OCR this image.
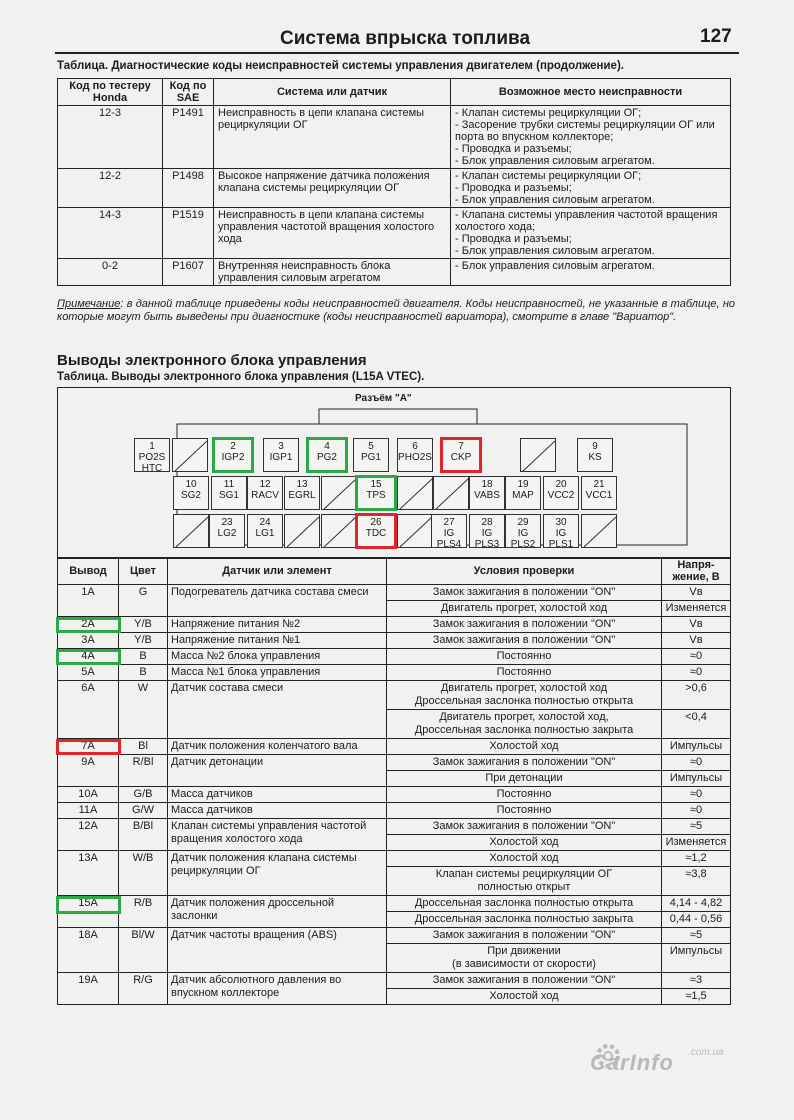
Система впрыска топлива	127
Таблица. Диагностические коды неисправностей системы управления двигателем (продолжение).
Код по тестеру Honda	Код по SAE	Система или датчик	Возможное место неисправности
12-3	P1491	Неисправность в цепи клапана системы рециркуляции ОГ	- Клапан системы рециркуляции ОГ;
- Засорение трубки системы рециркуляции ОГ или порта во впускном коллекторе;
- Проводка и разъемы;
- Блок управления силовым агрегатом.
12-2	P1498	Высокое напряжение датчика положения клапана системы рециркуляции ОГ	- Клапан системы рециркуляции ОГ;
- Проводка и разъемы;
- Блок управления силовым агрегатом.
14-3	P1519	Неисправность в цепи клапана системы управления частотой вращения холостого хода	- Клапана системы управления частотой вращения холостого хода;
- Проводка и разъемы;
- Блок управления силовым агрегатом.
0-2	P1607	Внутренняя неисправность блока управления силовым агрегатом	- Блок управления силовым агрегатом.
Примечание: в данной таблице приведены коды неисправностей двигателя. Коды неисправностей, не указанные в таблице, но которые могут быть выведены при диагностике (коды неисправностей вариатора), смотрите в главе "Вариатор".
Выводы электронного блока управления
Таблица. Выводы электронного блока управления (L15A VTEC).
Разъём "А"
1
PO2S
HTC
2
IGP2
3
IGP1
4
PG2
5
PG1
6
PHO2S
7
CKP
9
KS
10
SG2
11
SG1
12
RACV
13
EGRL
15
TPS
18
VABS
19
MAP
20
VCC2
21
VCC1
23
LG2
24
LG1
26
TDC
27
IG
PLS4
28
IG
PLS3
29
IG
PLS2
30
IG
PLS1
Вывод	Цвет	Датчик или элемент	Условия проверки	Напря-жение, В
1A	G	Подогреватель датчика состава смеси	Замок зажигания в положении "ON"	Vв
			Двигатель прогрет, холостой ход	Изменяется
2A	Y/B	Напряжение питания №2	Замок зажигания в положении "ON"	Vв
3A	Y/B	Напряжение питания №1	Замок зажигания в положении "ON"	Vв
4A	B	Масса №2 блока управления	Постоянно	≈0
5A	B	Масса №1 блока управления	Постоянно	≈0
6A	W	Датчик состава смеси	Двигатель прогрет, холостой ход
Дроссельная заслонка полностью открыта	>0,6
			Двигатель прогрет, холостой ход,
Дроссельная заслонка полностью закрыта	<0,4
7A	Bl	Датчик положения коленчатого вала	Холостой ход	Импульсы
9A	R/Bl	Датчик детонации	Замок зажигания в положении "ON"	≈0
			При детонации	Импульсы
10A	G/B	Масса датчиков	Постоянно	≈0
11A	G/W	Масса датчиков	Постоянно	≈0
12A	B/Bl	Клапан системы управления частотой вращения холостого хода	Замок зажигания в положении "ON"	≈5
			Холостой ход	Изменяется
13A	W/B	Датчик положения клапана системы рециркуляции ОГ	Холостой ход	≈1,2
			Клапан системы рециркуляции ОГ
полностью открыт	≈3,8
15A	R/B	Датчик положения дроссельной заслонки	Дроссельная заслонка полностью открыта	4,14 - 4,82
			Дроссельная заслонка полностью закрыта	0,44 - 0,56
18A	Bl/W	Датчик частоты вращения (ABS)	Замок зажигания в положении "ON"	≈5
			При движении
(в зависимости от скорости)	Импульсы
19A	R/G	Датчик абсолютного давления во впускном коллекторе	Замок зажигания в положении "ON"	≈3
			Холостой ход	≈1,5
CarInfo .com.ua
